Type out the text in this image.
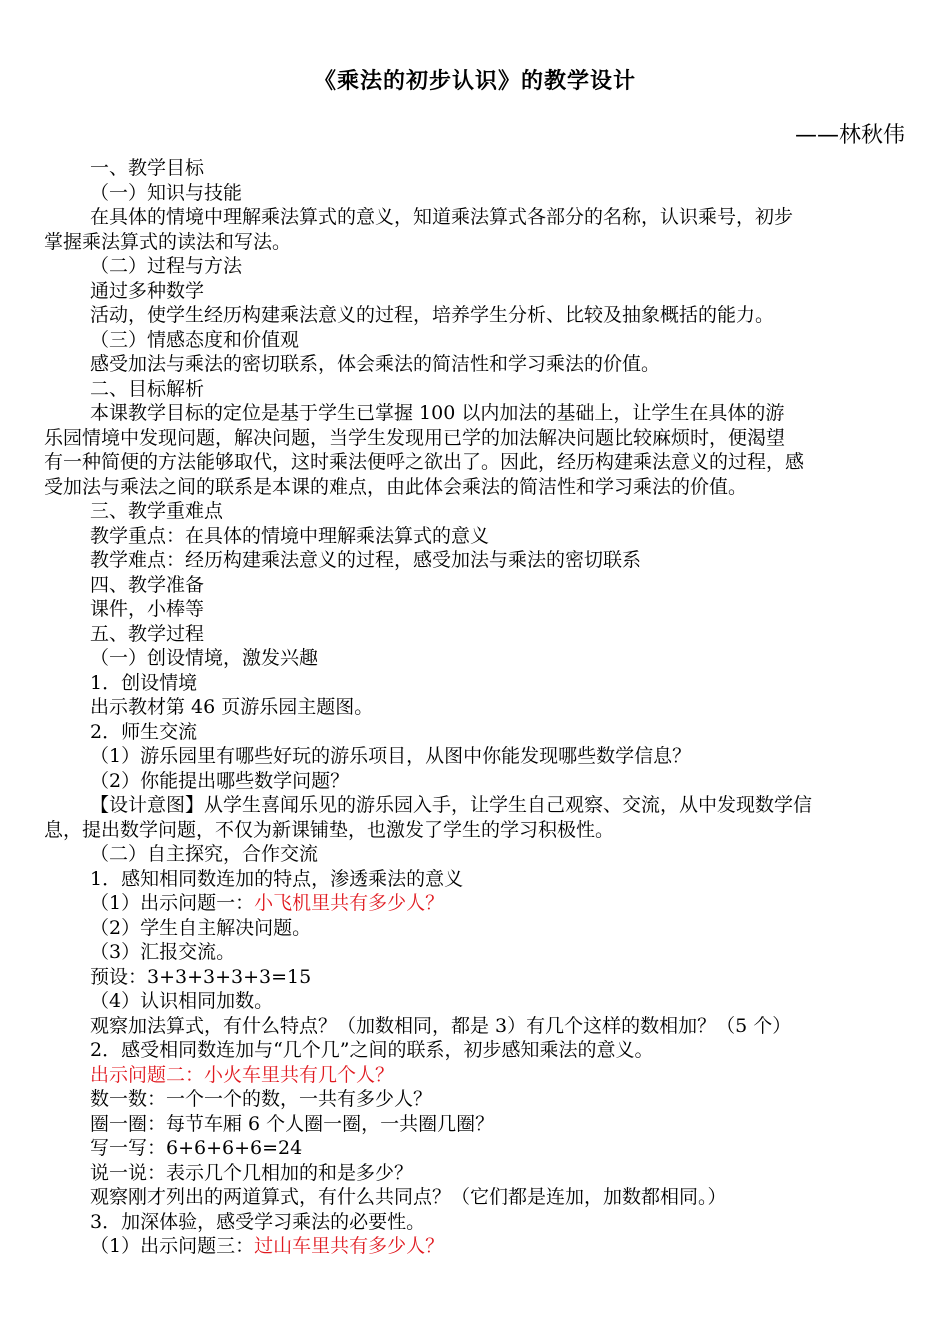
《乘法的初步认识》的教学设计
——林秋伟

一、教学目标

（一）知识与技能

在具体的情境中理解乘法算式的意义，知道乘法算式各部分的名称，认识乘号，初步

掌握乘法算式的读法和写法。

（二）过程与方法

通过多种数学

活动，使学生经历构建乘法意义的过程，培养学生分析、比较及抽象概括的能力。

（三）情感态度和价值观

感受加法与乘法的密切联系，体会乘法的简洁性和学习乘法的价值。

二、目标解析

本课教学目标的定位是基于学生已掌握 100 以内加法的基础上，让学生在具体的游

乐园情境中发现问题，解决问题，当学生发现用已学的加法解决问题比较麻烦时，便渴望

有一种简便的方法能够取代，这时乘法便呼之欲出了。因此，经历构建乘法意义的过程，感

受加法与乘法之间的联系是本课的难点，由此体会乘法的简洁性和学习乘法的价值。

三、教学重难点

教学重点：在具体的情境中理解乘法算式的意义

教学难点：经历构建乘法意义的过程，感受加法与乘法的密切联系

四、教学准备

课件，小棒等

五、教学过程

（一）创设情境，激发兴趣

1．创设情境

出示教材第 46 页游乐园主题图。

2．师生交流

（1）游乐园里有哪些好玩的游乐项目，从图中你能发现哪些数学信息？

（2）你能提出哪些数学问题？

【设计意图】从学生喜闻乐见的游乐园入手，让学生自己观察、交流，从中发现数学信

息，提出数学问题，不仅为新课铺垫，也激发了学生的学习积极性。

（二）自主探究，合作交流

1．感知相同数连加的特点，渗透乘法的意义

（1）出示问题一：小飞机里共有多少人？

（2）学生自主解决问题。

（3）汇报交流。

预设：3+3+3+3+3=15

（4）认识相同加数。

观察加法算式，有什么特点？（加数相同，都是 3）有几个这样的数相加？（5 个）

2．感受相同数连加与“几个几”之间的联系，初步感知乘法的意义。

出示问题二：小火车里共有几个人？

数一数：一个一个的数，一共有多少人？

圈一圈：每节车厢 6 个人圈一圈，一共圈几圈？

写一写：6+6+6+6=24

说一说：表示几个几相加的和是多少？

观察刚才列出的两道算式，有什么共同点？（它们都是连加，加数都相同。）

3．加深体验，感受学习乘法的必要性。

（1）出示问题三：过山车里共有多少人？
